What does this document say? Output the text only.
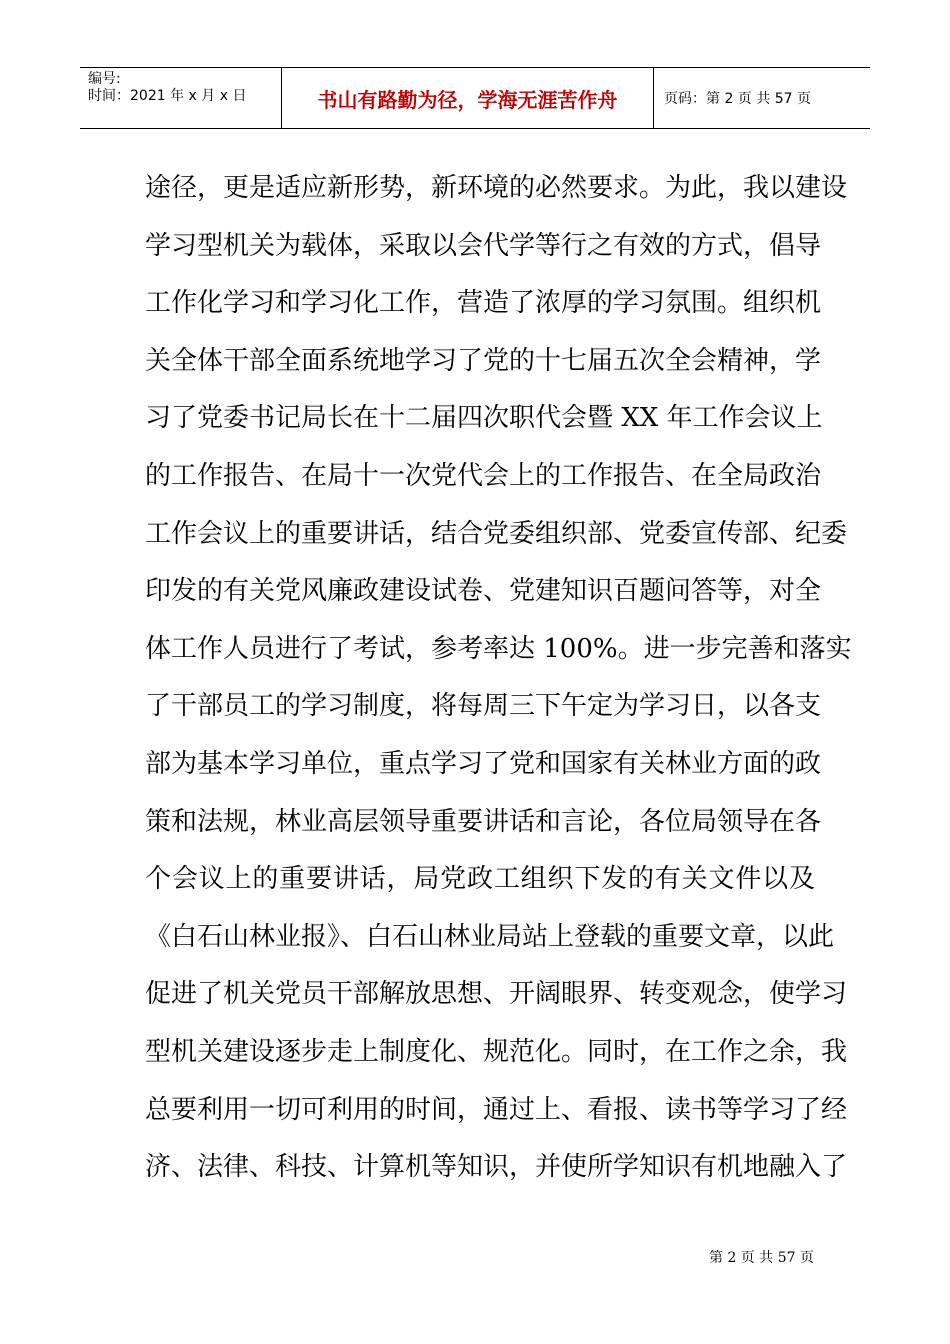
编号:
时间：2021 年 x 月 x 日	书山有路勤为径，学海无涯苦作舟	页码：第 2 页 共 57 页
途径，更是适应新形势，新环境的必然要求。为此，我以建设
学习型机关为载体，采取以会代学等行之有效的方式，倡导
工作化学习和学习化工作，营造了浓厚的学习氛围。组织机
关全体干部全面系统地学习了党的十七届五次全会精神，学
习了党委书记局长在十二届四次职代会暨 XX 年工作会议上
的工作报告、在局十一次党代会上的工作报告、在全局政治
工作会议上的重要讲话，结合党委组织部、党委宣传部、纪委
印发的有关党风廉政建设试卷、党建知识百题问答等，对全
体工作人员进行了考试，参考率达 100%。进一步完善和落实
了干部员工的学习制度，将每周三下午定为学习日，以各支
部为基本学习单位，重点学习了党和国家有关林业方面的政
策和法规，林业高层领导重要讲话和言论，各位局领导在各
个会议上的重要讲话，局党政工组织下发的有关文件以及
《白石山林业报》、白石山林业局站上登载的重要文章，以此
促进了机关党员干部解放思想、开阔眼界、转变观念，使学习
型机关建设逐步走上制度化、规范化。同时，在工作之余，我
总要利用一切可利用的时间，通过上、看报、读书等学习了经
济、法律、科技、计算机等知识，并使所学知识有机地融入了
第 2 页 共 57 页
